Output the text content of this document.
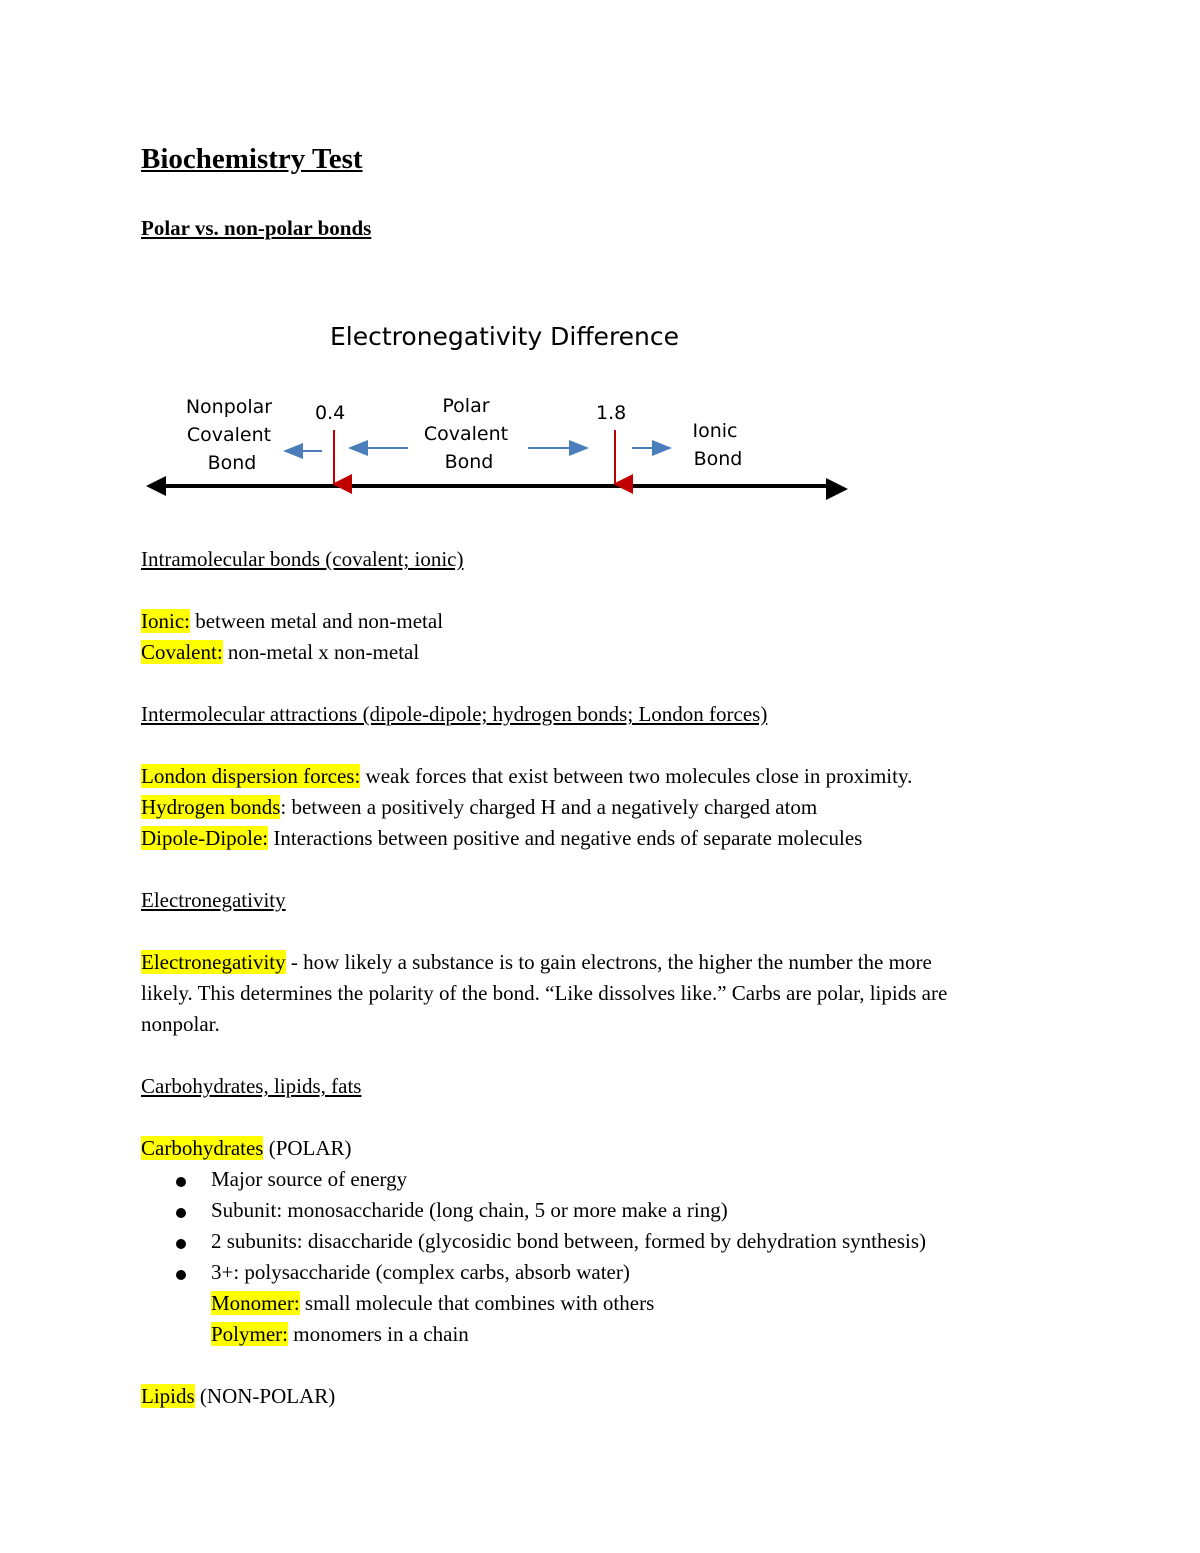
Biochemistry Test
Polar vs. non-polar bonds
Electronegativity Difference
Nonpolar Covalent Bond
Polar Covalent Bond
Ionic Bond
0.4	1.8
Intramolecular bonds (covalent; ionic)
Ionic: between metal and non-metal
Covalent: non-metal x non-metal
Intermolecular attractions (dipole-dipole; hydrogen bonds; London forces)
London dispersion forces: weak forces that exist between two molecules close in proximity.
Hydrogen bonds: between a positively charged H and a negatively charged atom
Dipole-Dipole: Interactions between positive and negative ends of separate molecules
Electronegativity
Electronegativity - how likely a substance is to gain electrons, the higher the number the more
likely. This determines the polarity of the bond. “Like dissolves like.” Carbs are polar, lipids are
nonpolar.
Carbohydrates, lipids, fats
Carbohydrates (POLAR)
Major source of energy
Subunit: monosaccharide (long chain, 5 or more make a ring)
2 subunits: disaccharide (glycosidic bond between, formed by dehydration synthesis)
3+: polysaccharide (complex carbs, absorb water)
Monomer: small molecule that combines with others
Polymer: monomers in a chain
Lipids (NON-POLAR)
